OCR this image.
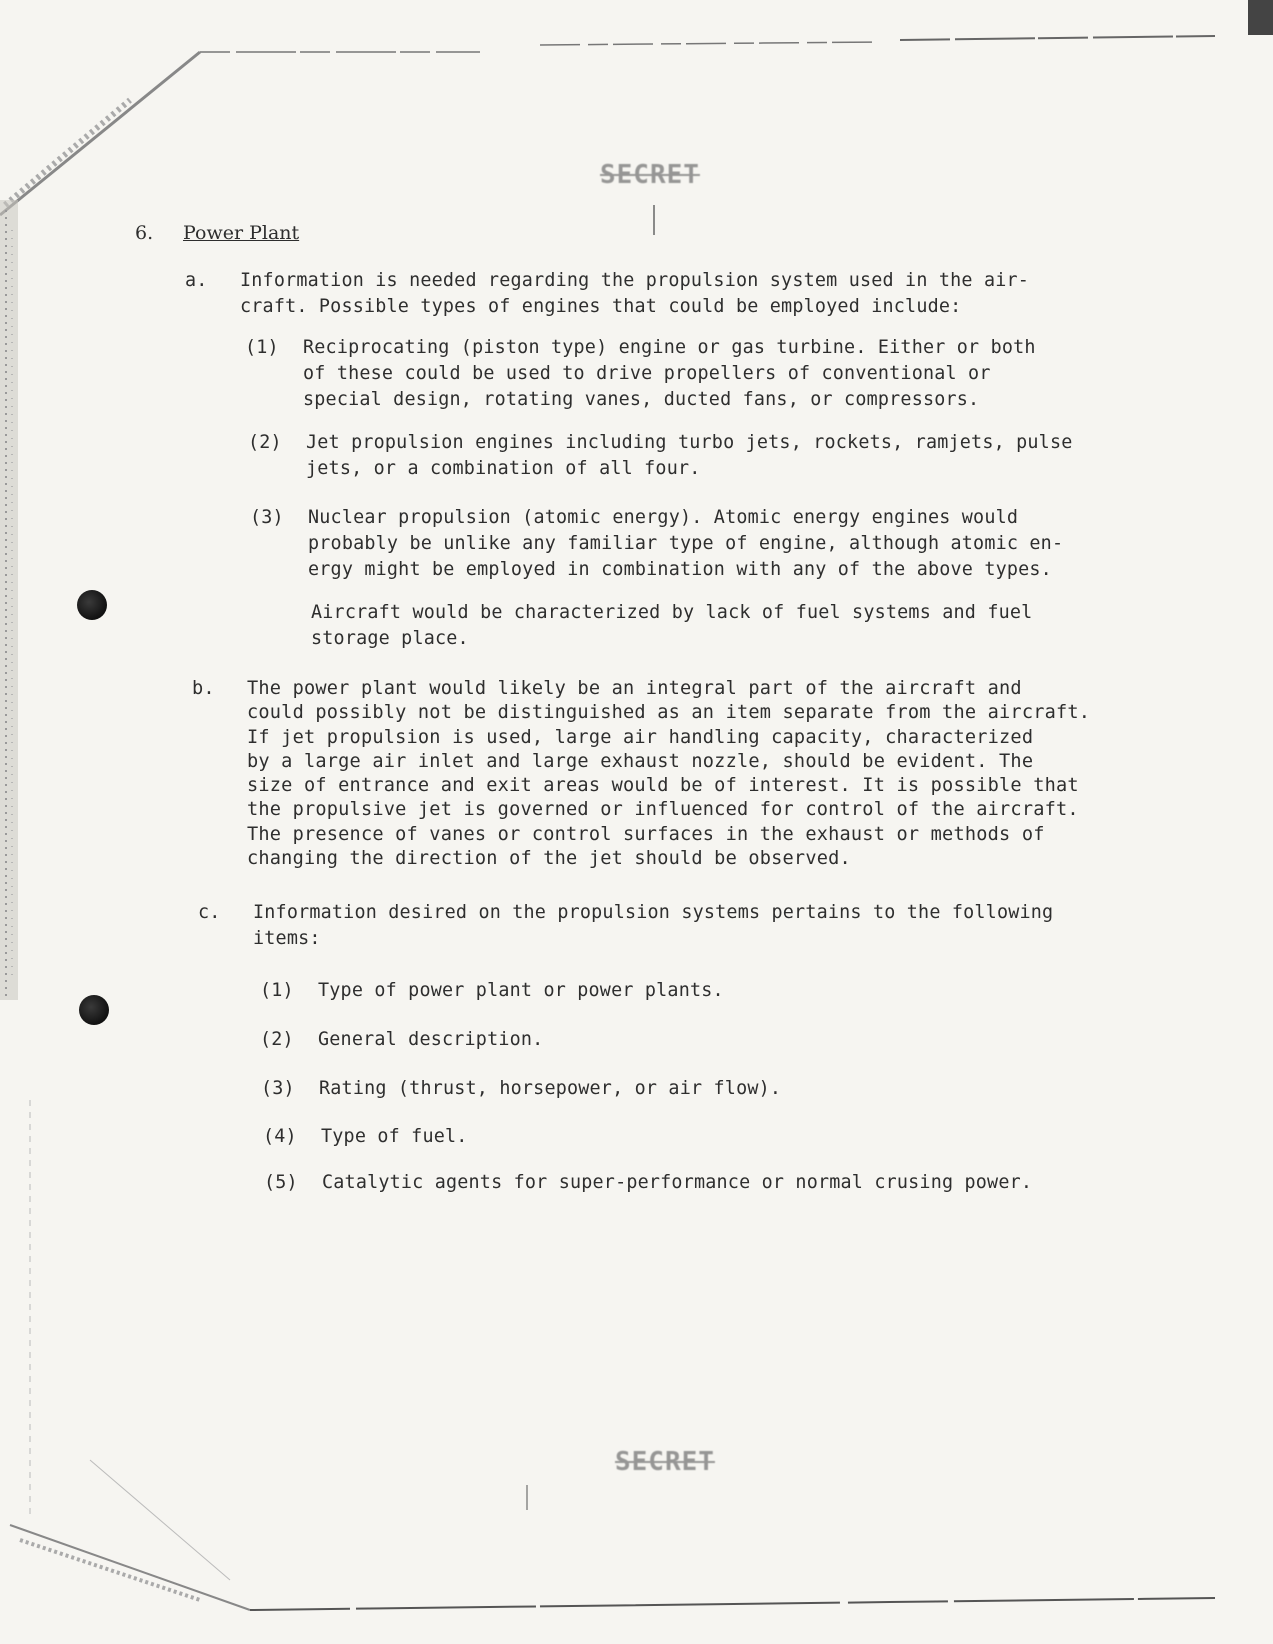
SECRET
6. Power Plant
a. Information is needed regarding the propulsion system used in the air-
craft. Possible types of engines that could be employed include:
(1) Reciprocating (piston type) engine or gas turbine. Either or both
of these could be used to drive propellers of conventional or
special design, rotating vanes, ducted fans, or compressors.
(2) Jet propulsion engines including turbo jets, rockets, ramjets, pulse
jets, or a combination of all four.
(3) Nuclear propulsion (atomic energy). Atomic energy engines would
probably be unlike any familiar type of engine, although atomic en-
ergy might be employed in combination with any of the above types.
Aircraft would be characterized by lack of fuel systems and fuel
storage place.
b. The power plant would likely be an integral part of the aircraft and
could possibly not be distinguished as an item separate from the aircraft.
If jet propulsion is used, large air handling capacity, characterized
by a large air inlet and large exhaust nozzle, should be evident. The
size of entrance and exit areas would be of interest. It is possible that
the propulsive jet is governed or influenced for control of the aircraft.
The presence of vanes or control surfaces in the exhaust or methods of
changing the direction of the jet should be observed.
c. Information desired on the propulsion systems pertains to the following
items:
(1) Type of power plant or power plants.
(2) General description.
(3) Rating (thrust, horsepower, or air flow).
(4) Type of fuel.
(5) Catalytic agents for super-performance or normal crusing power.
SECRET
